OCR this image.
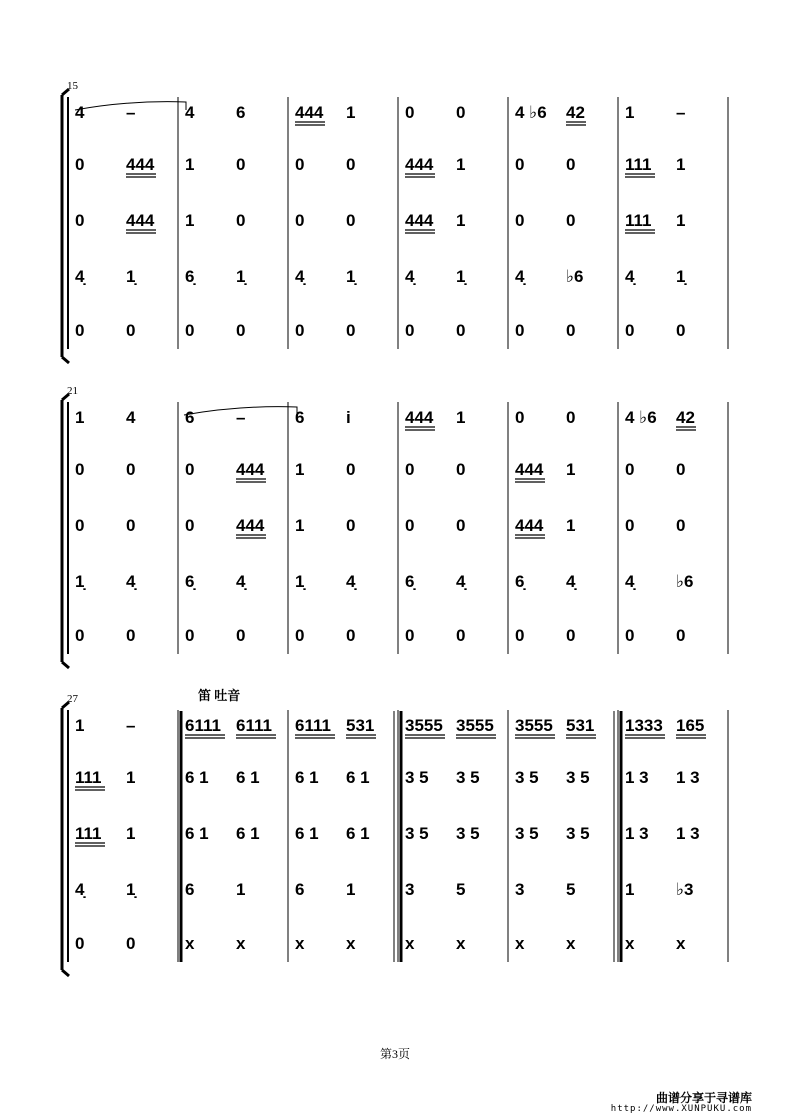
15
4 –
0 444
0 444
4̣ 1̣
0 0
4 6
1 0
1 0
6̣ 1̣
0 0
444 1
0 0
0 0
4̣ 1̣
0 0
0 0
444 1
444 1
4̣ 1̣
0 0
4 ♭6 42
0 0
0 0
4̣ ♭6
0 0
1 –
111 1
111 1
4̣ 1̣
0 0
21
1 4
0 0
0 0
1̣ 4̣
0 0
6 –
0 444
0 444
6̣ 4̣
0 0
6 i
1 0
1 0
1̣ 4̣
0 0
444 1
0 0
0 0
6̣ 4̣
0 0
0 0
444 1
444 1
6̣ 4̣
0 0
4 ♭6 42
0 0
0 0
4̣ ♭6
0 0
27	笛 吐音
1 –
111 1
111 1
4̣ 1̣
0 0
6111 6111
6 1 6 1
6 1 6 1
6 1
x x
6111 531
6 1 6 1
6 1 6 1
6 1
x x
3555 3555
3 5 3 5
3 5 3 5
3 5
x x
3555 531
3 5 3 5
3 5 3 5
3 5
x x
1333 165
1 3 1 3
1 3 1 3
1 ♭3
x x
第3页
曲谱分享于寻谱库
http://www.XUNPUKU.com
